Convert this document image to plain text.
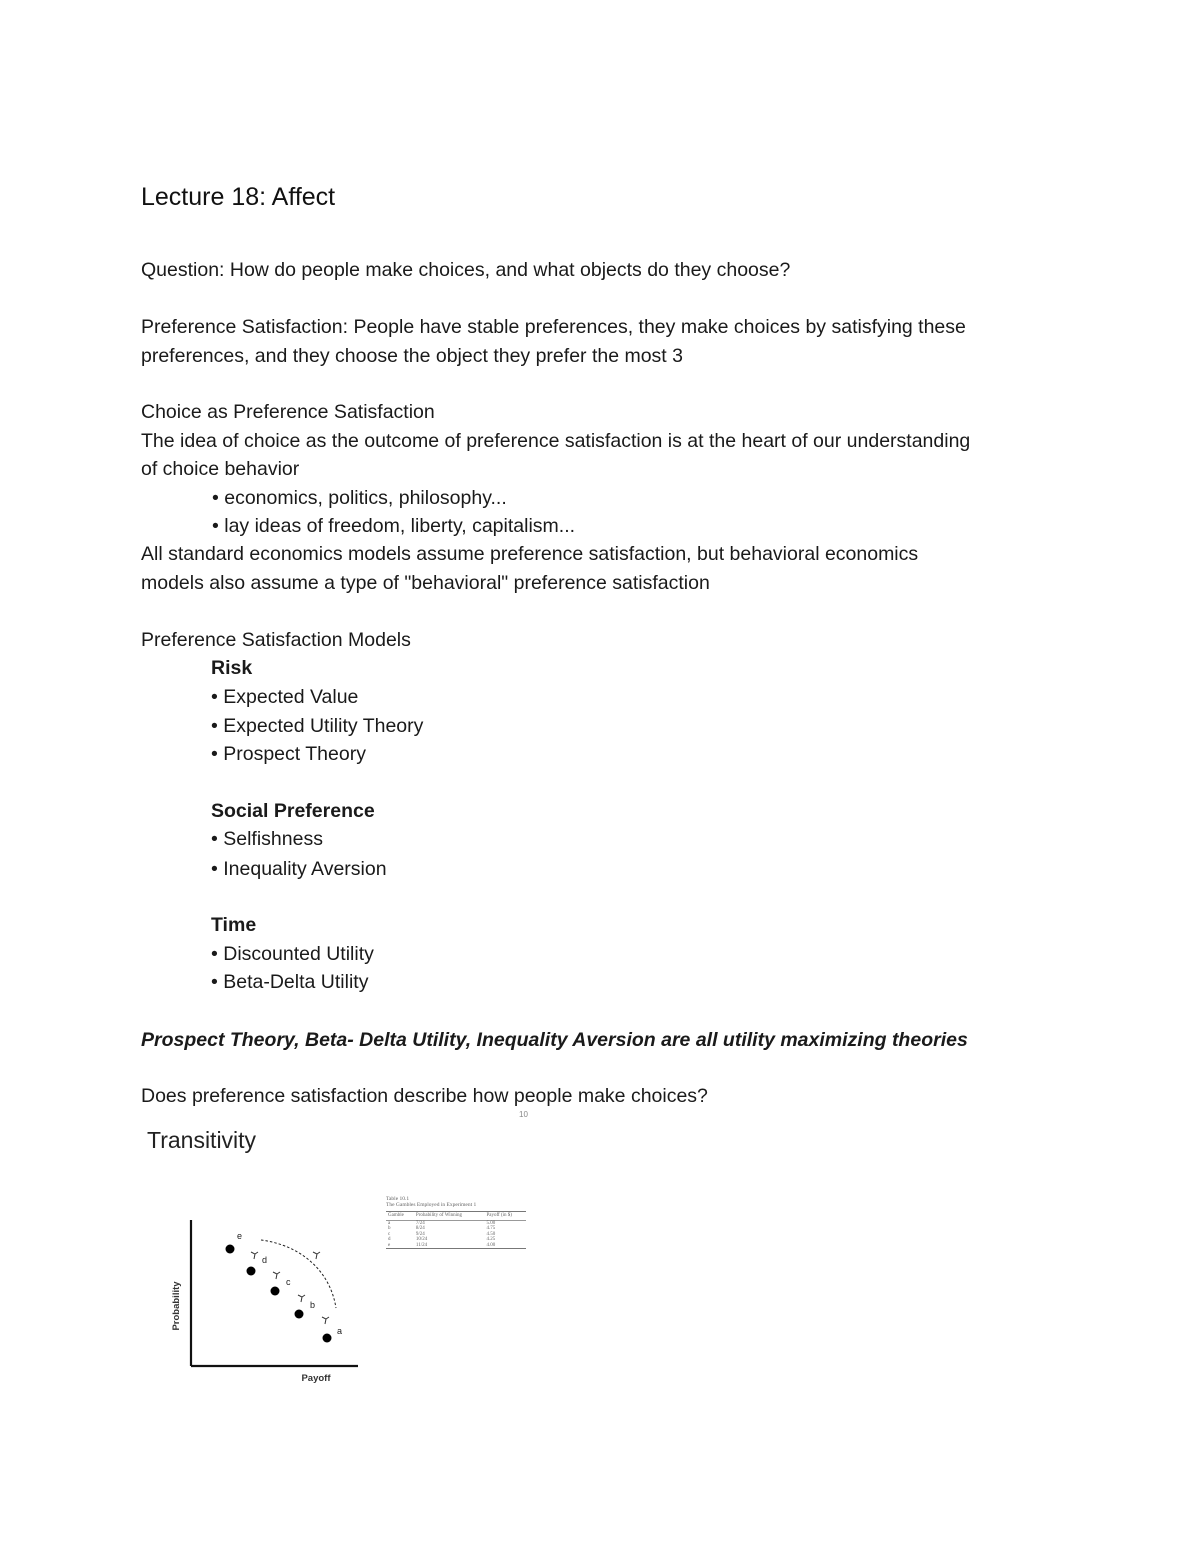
Lecture 18: Affect
Question: How do people make choices, and what objects do they choose?
Preference Satisfaction: People have stable preferences, they make choices by satisfying these
preferences, and they choose the object they prefer the most 3
Choice as Preference Satisfaction
The idea of choice as the outcome of preference satisfaction is at the heart of our understanding
of choice behavior
• economics, politics, philosophy...
• lay ideas of freedom, liberty, capitalism...
All standard economics models assume preference satisfaction, but behavioral economics
models also assume a type of "behavioral" preference satisfaction
Preference Satisfaction Models
Risk
• Expected Value
• Expected Utility Theory
• Prospect Theory
Social Preference
• Selfishness
• Inequality Aversion
Time
• Discounted Utility
• Beta-Delta Utility
Prospect Theory, Beta- Delta Utility, Inequality Aversion are all utility maximizing theories
Does preference satisfaction describe how people make choices?
10
Transitivity
Probability
Payoff
e
d
c
b
a
Table 10.1
The Gambles Employed in Experiment 1
Gamble	Probability of Winning	Payoff (in $)
a	7/24	5.00
b	8/24	4.75
c	9/24	4.50
d	10/24	4.25
e	11/24	4.00
